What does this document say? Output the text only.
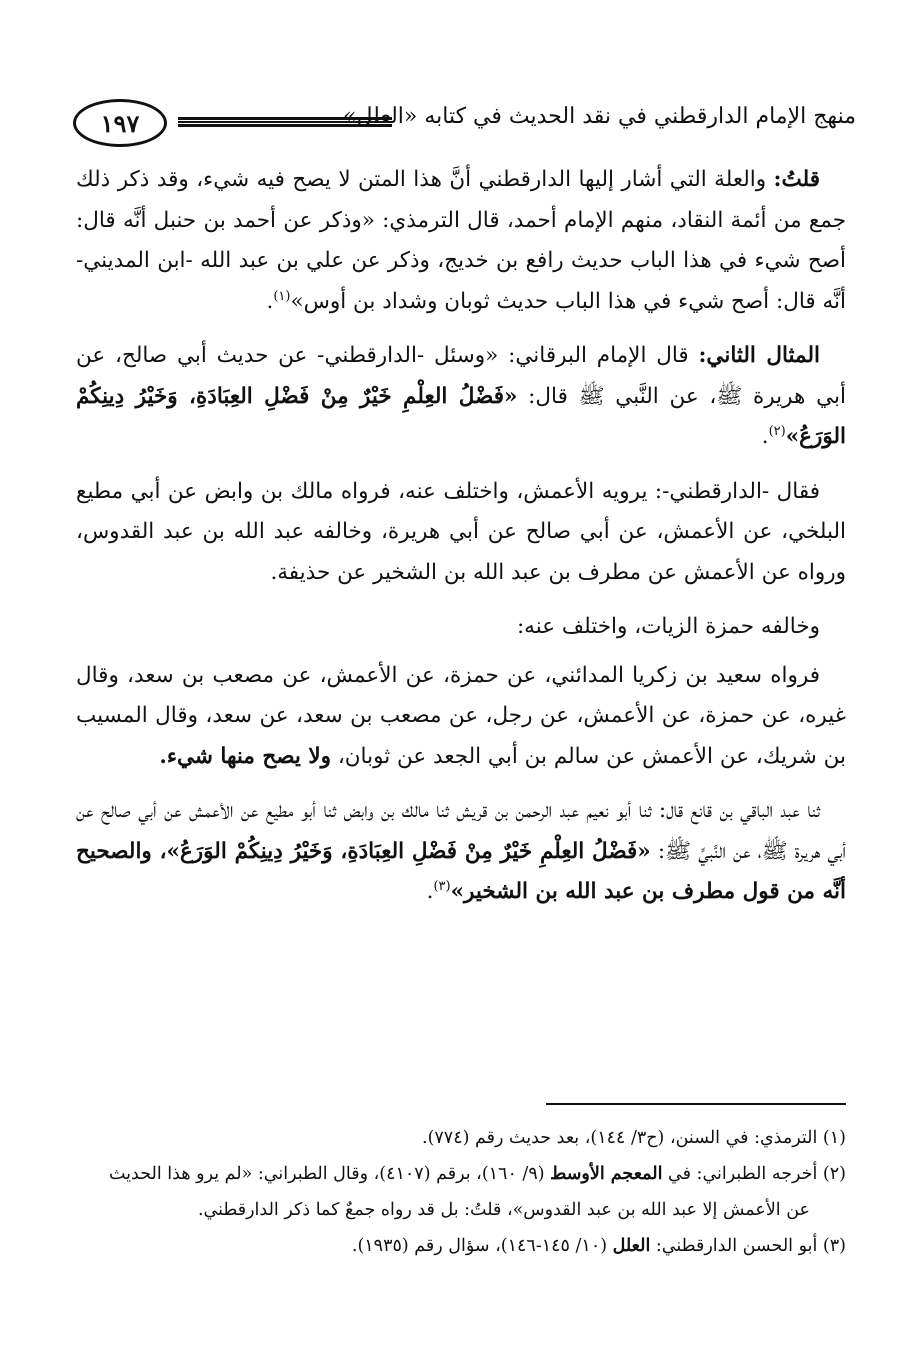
١٩٧	منهج الإمام الدارقطني في نقد الحديث في كتابه «العلل»

قلتُ: والعلة التي أشار إليها الدارقطني أنَّ هذا المتن لا يصح فيه شيء، وقد ذكر ذلك جمع من أئمة النقاد، منهم الإمام أحمد، قال الترمذي: «وذكر عن أحمد بن حنبل أنَّه قال: أصح شيء في هذا الباب حديث رافع بن خديج، وذكر عن علي بن عبد الله -ابن المديني- أنَّه قال: أصح شيء في هذا الباب حديث ثوبان وشداد بن أوس»$^{(١)}$.

المثال الثاني: قال الإمام البرقاني: «وسئل -الدارقطني- عن حديث أبي صالح، عن أبي هريرة ﷺ، عن النَّبي ﷺ قال: «فَضْلُ العِلْمِ خَيْرٌ مِنْ فَضْلِ العِبَادَةِ، وَخَيْرُ دِينِكُمْ الوَرَعُ»$^{(٢)}$.

فقال -الدارقطني-: يرويه الأعمش، واختلف عنه، فرواه مالك بن وابض عن أبي مطيع البلخي، عن الأعمش، عن أبي صالح عن أبي هريرة، وخالفه عبد الله بن عبد القدوس، ورواه عن الأعمش عن مطرف بن عبد الله بن الشخير عن حذيفة.

وخالفه حمزة الزيات، واختلف عنه:

فرواه سعيد بن زكريا المدائني، عن حمزة، عن الأعمش، عن مصعب بن سعد، وقال غيره، عن حمزة، عن الأعمش، عن رجل، عن مصعب بن سعد، عن سعد، وقال المسيب بن شريك، عن الأعمش عن سالم بن أبي الجعد عن ثوبان، ولا يصح منها شيء.

ثنا عبد الباقي بن قانع قال: ثنا أبو نعيم عبد الرحمن بن قريش ثنا مالك بن وابض ثنا أبو مطيع عن الأعمش عن أبي صالح عن أبي هريرة ﷺ، عن النَّبيِّ ﷺ: «فَضْلُ العِلْمِ خَيْرٌ مِنْ فَضْلِ العِبَادَةِ، وَخَيْرُ دِينِكُمْ الوَرَعُ»، والصحيح أنَّه من قول مطرف بن عبد الله بن الشخير»$^{(٣)}$.

(١) الترمذي: في السنن، (ح٣/ ١٤٤)، بعد حديث رقم (٧٧٤).

(٢) أخرجه الطبراني: في المعجم الأوسط (٩/ ١٦٠)، برقم (٤١٠٧)، وقال الطبراني: «لم يرو هذا الحديث

عن الأعمش إلا عبد الله بن عبد القدوس»، قلتُ: بل قد رواه جمعٌ كما ذكر الدارقطني.

(٣) أبو الحسن الدارقطني: العلل (١٠/ ١٤٥-١٤٦)، سؤال رقم (١٩٣٥).
